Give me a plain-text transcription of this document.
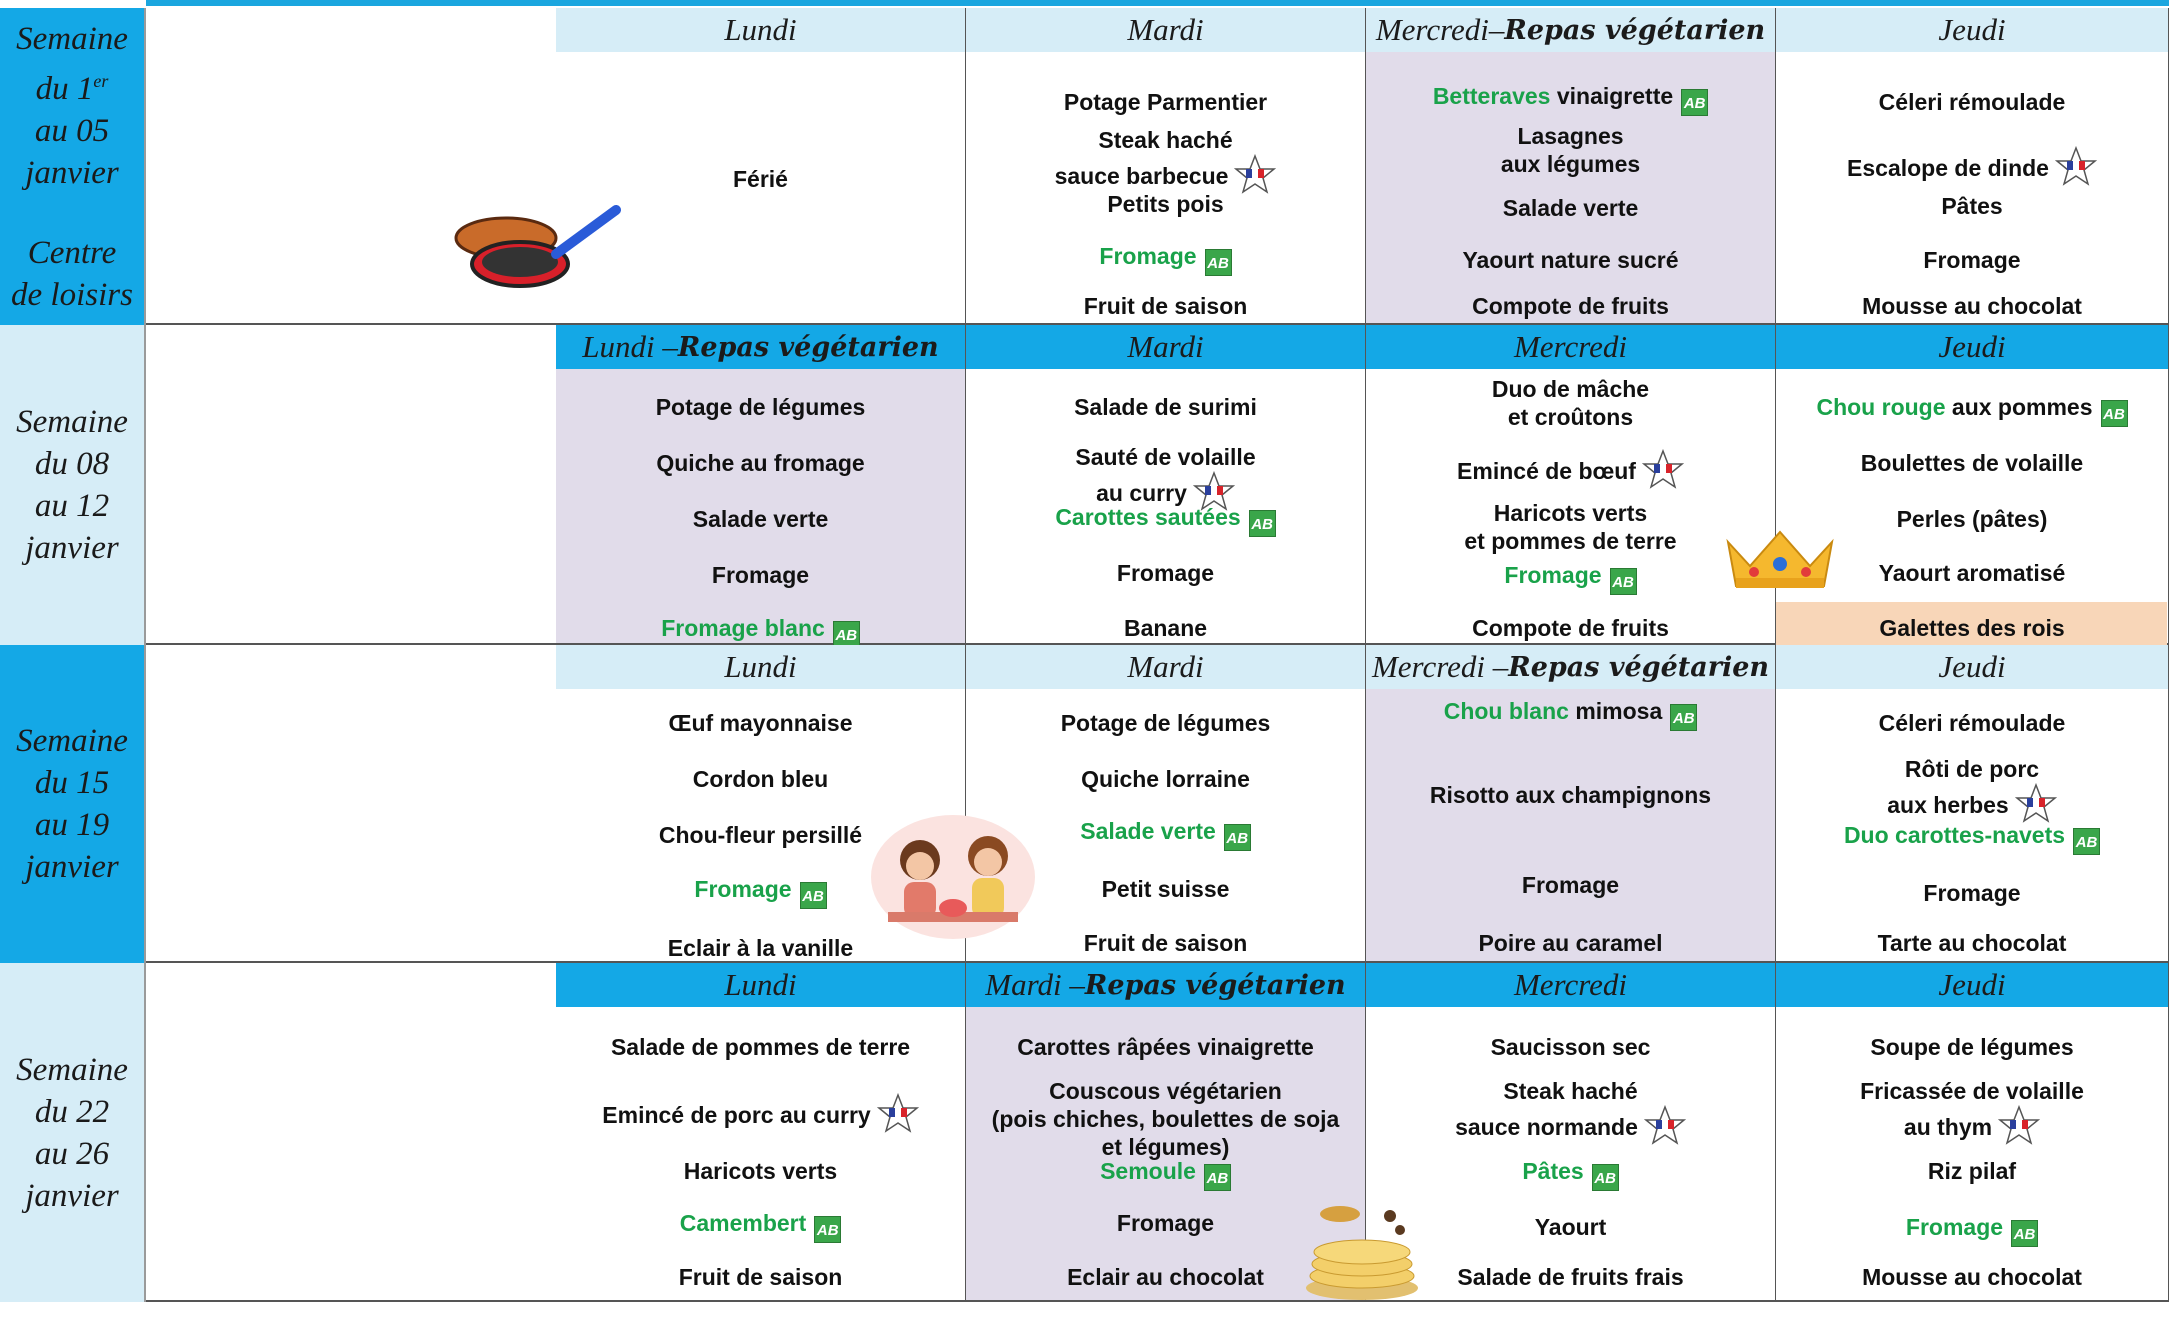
Semaine
du 1er
au 05
janvier
Centre
de loisirs
Lundi
Férié
Mardi
Potage Parmentier
Steak haché
sauce barbecue
Petits pois
Fromage AB
Fruit de saison
Mercredi– Repas végétarien
Betteraves vinaigrette AB
Lasagnes
aux légumes
Salade verte
Yaourt nature sucré
Compote de fruits
Jeudi
Céleri rémoulade
Escalope de dinde
Pâtes
Fromage
Mousse au chocolat
Semaine
du 08
au 12
janvier
Lundi – Repas végétarien
Potage de légumes
Quiche au fromage
Salade verte
Fromage
Fromage blanc AB
Mardi
Salade de surimi
Sauté de volaille
au curry
Carottes sautées AB
Fromage
Banane
Mercredi
Duo de mâche
et croûtons
Emincé de bœuf
Haricots verts
et pommes de terre
Fromage AB
Compote de fruits
Jeudi
Chou rouge aux pommes AB
Boulettes de volaille
Perles (pâtes)
Yaourt aromatisé
Galettes des rois

Semaine
du 15
au 19
janvier
Lundi
Œuf mayonnaise
Cordon bleu
Chou-fleur persillé
Fromage AB
Eclair à la vanille
Mardi
Potage de légumes
Quiche lorraine
Salade verte AB
Petit suisse
Fruit de saison
Mercredi – Repas végétarien
Chou blanc mimosa AB
Risotto aux champignons
Fromage
Poire au caramel
Jeudi
Céleri rémoulade
Rôti de porc
aux herbes
Duo carottes-navets AB
Fromage
Tarte au chocolat
Semaine
du 22
au 26
janvier
Lundi
Salade de pommes de terre
Emincé de porc au curry
Haricots verts
Camembert AB
Fruit de saison
Mardi – Repas végétarien
Carottes râpées vinaigrette
Couscous végétarien
(pois chiches, boulettes de soja
et légumes)
Semoule AB
Fromage
Eclair au chocolat
Mercredi
Saucisson sec
Steak haché
sauce normande
Pâtes AB
Yaourt
Salade de fruits frais
Jeudi
Soupe de légumes
Fricassée de volaille
au thym
Riz pilaf
Fromage AB
Mousse au chocolat
